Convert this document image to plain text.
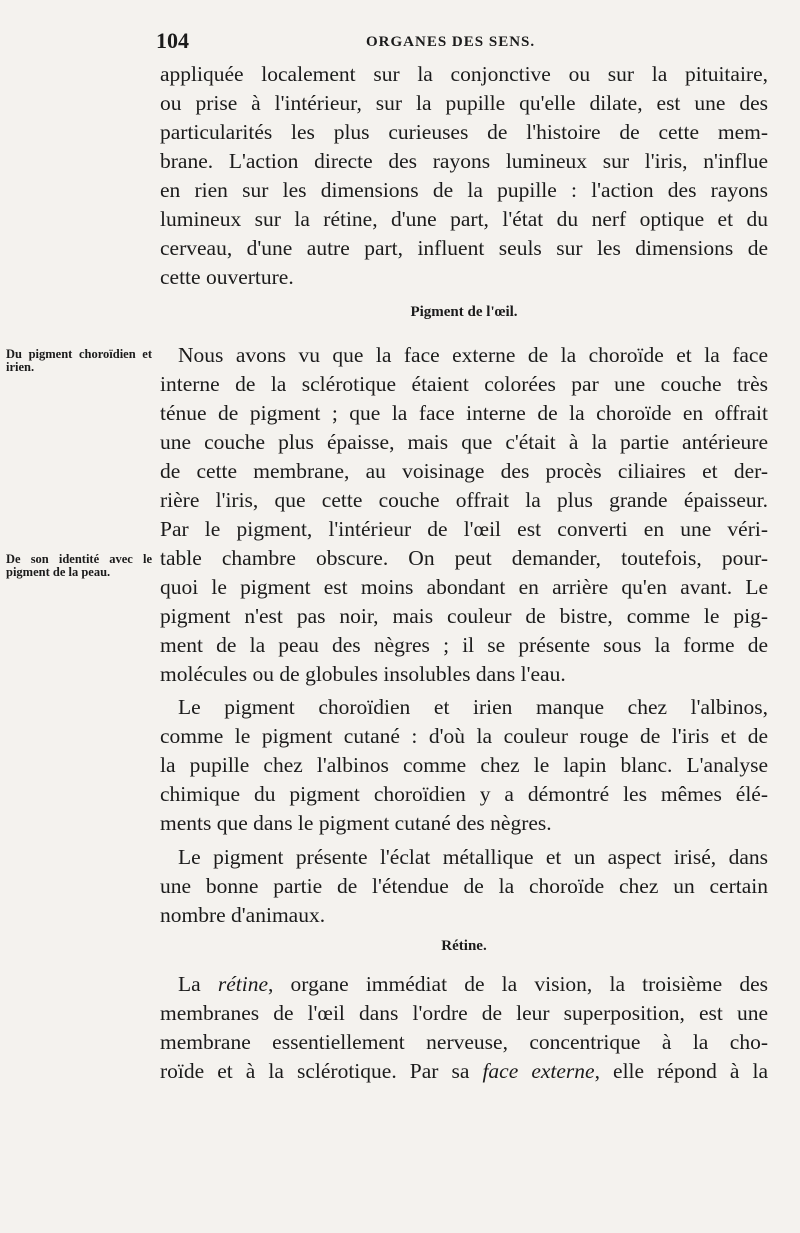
104	ORGANES DES SENS.
appliquée localement sur la conjonctive ou sur la pituitaire,
ou prise à l'intérieur, sur la pupille qu'elle dilate, est une des
particularités les plus curieuses de l'histoire de cette mem-
brane. L'action directe des rayons lumineux sur l'iris, n'influe
en rien sur les dimensions de la pupille : l'action des rayons
lumineux sur la rétine, d'une part, l'état du nerf optique et du
cerveau, d'une autre part, influent seuls sur les dimensions de
cette ouverture.
Pigment de l'œil.
Du pigment choroïdien et irien.	Nous avons vu que la face externe de la choroïde et la face
interne de la sclérotique étaient colorées par une couche très
ténue de pigment ; que la face interne de la choroïde en offrait
une couche plus épaisse, mais que c'était à la partie antérieure
de cette membrane, au voisinage des procès ciliaires et der-
rière l'iris, que cette couche offrait la plus grande épaisseur.
Par le pigment, l'intérieur de l'œil est converti en une véri-
table chambre obscure. On peut demander, toutefois, pour-
quoi le pigment est moins abondant en arrière qu'en avant. Le
pigment n'est pas noir, mais couleur de bistre, comme le pig-
ment de la peau des nègres ; il se présente sous la forme de
molécules ou de globules insolubles dans l'eau.
De son identité avec le pigment de la peau.
Le pigment choroïdien et irien manque chez l'albinos,
comme le pigment cutané : d'où la couleur rouge de l'iris et de
la pupille chez l'albinos comme chez le lapin blanc. L'analyse
chimique du pigment choroïdien y a démontré les mêmes élé-
ments que dans le pigment cutané des nègres.
Le pigment présente l'éclat métallique et un aspect irisé, dans
une bonne partie de l'étendue de la choroïde chez un certain
nombre d'animaux.
Rétine.
La rétine, organe immédiat de la vision, la troisième des
membranes de l'œil dans l'ordre de leur superposition, est une
membrane essentiellement nerveuse, concentrique à la cho-
roïde et à la sclérotique. Par sa face externe, elle répond à la
